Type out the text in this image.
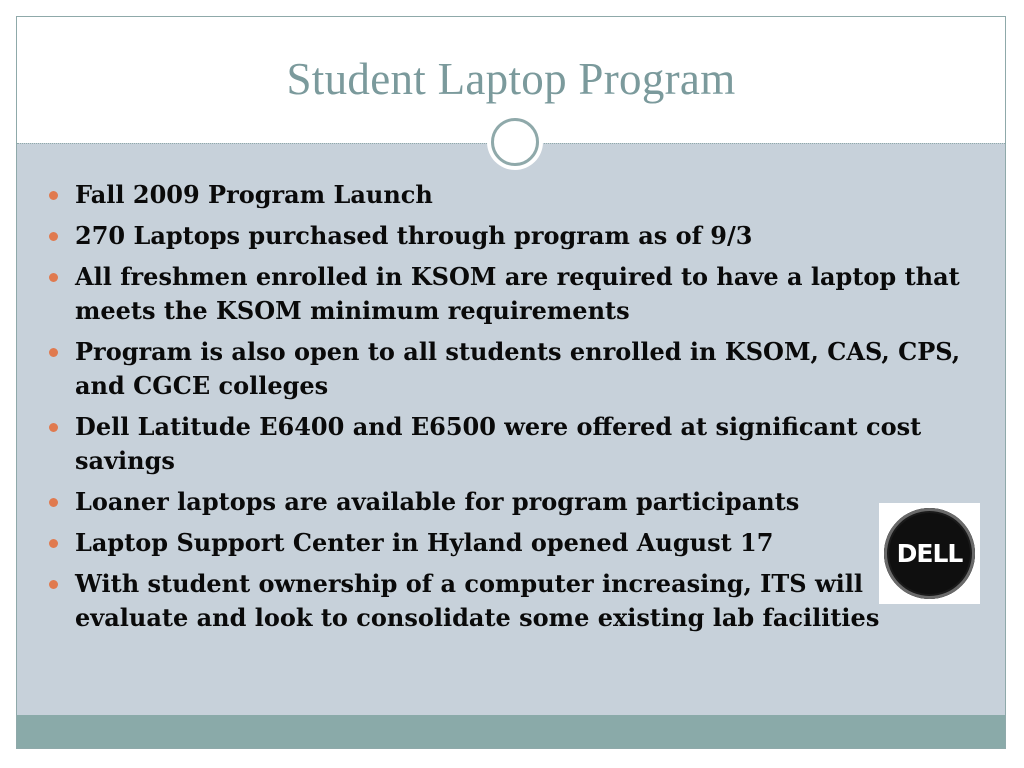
Student Laptop Program
Fall 2009 Program Launch
270 Laptops purchased through program as of 9/3
All freshmen enrolled in KSOM are required to have a laptop that meets the KSOM minimum requirements
Program is also open to all students enrolled in KSOM, CAS, CPS, and CGCE colleges
Dell Latitude E6400 and E6500 were offered at significant cost savings
Loaner laptops are available for program participants
Laptop Support Center in Hyland opened August 17
With student ownership of a computer increasing, ITS will evaluate and look to consolidate some existing lab facilities
DELL
